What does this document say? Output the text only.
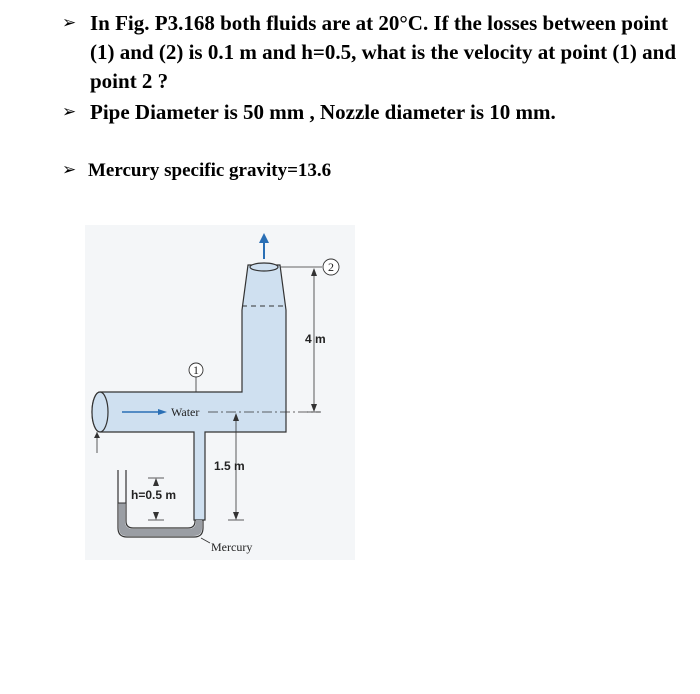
➢ In Fig. P3.168 both fluids are at 20°C. If the losses between point (1) and (2) is 0.1 m and h=0.5, what is the velocity at point (1) and point 2 ?
➢ Pipe Diameter is 50 mm , Nozzle diameter is 10 mm.
➢ Mercury specific gravity=13.6
Water
1
2
4 m
1.5 m
h=0.5 m
Mercury
